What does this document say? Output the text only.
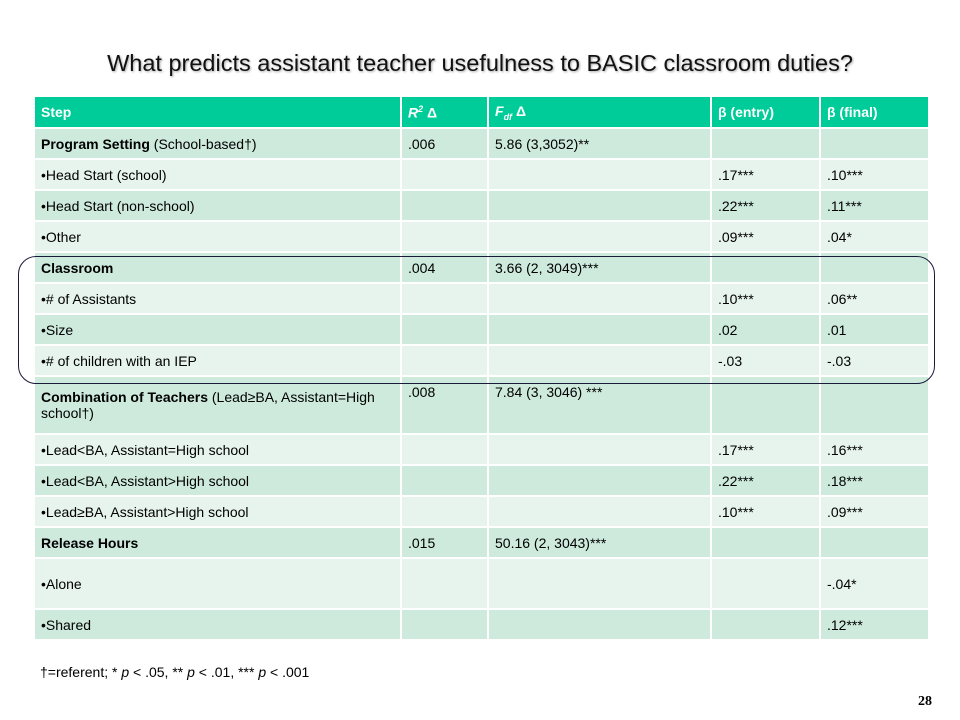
What predicts assistant teacher usefulness to BASIC classroom duties?
Step	$R^2$ Δ	$F_{df}$ Δ	β (entry)	β (final)
Program Setting (School-based†)	.006	5.86 (3,3052)**		
•Head Start (school)			.17***	.10***
•Head Start (non-school)			.22***	.11***
•Other			.09***	.04*
Classroom	.004	3.66 (2, 3049)***		
•# of Assistants			.10***	.06**
•Size			.02	.01
•# of children with an IEP			-.03	-.03
Combination of Teachers (Lead≥BA, Assistant=High school†)	.008	7.84 (3, 3046) ***		
•Lead<BA, Assistant=High school			.17***	.16***
•Lead<BA, Assistant>High school			.22***	.18***
•Lead≥BA, Assistant>High school			.10***	.09***
Release Hours	.015	50.16 (2, 3043)***		
•Alone				-.04*
•Shared				.12***
†=referent; * p < .05, ** p < .01, *** p < .001
28
